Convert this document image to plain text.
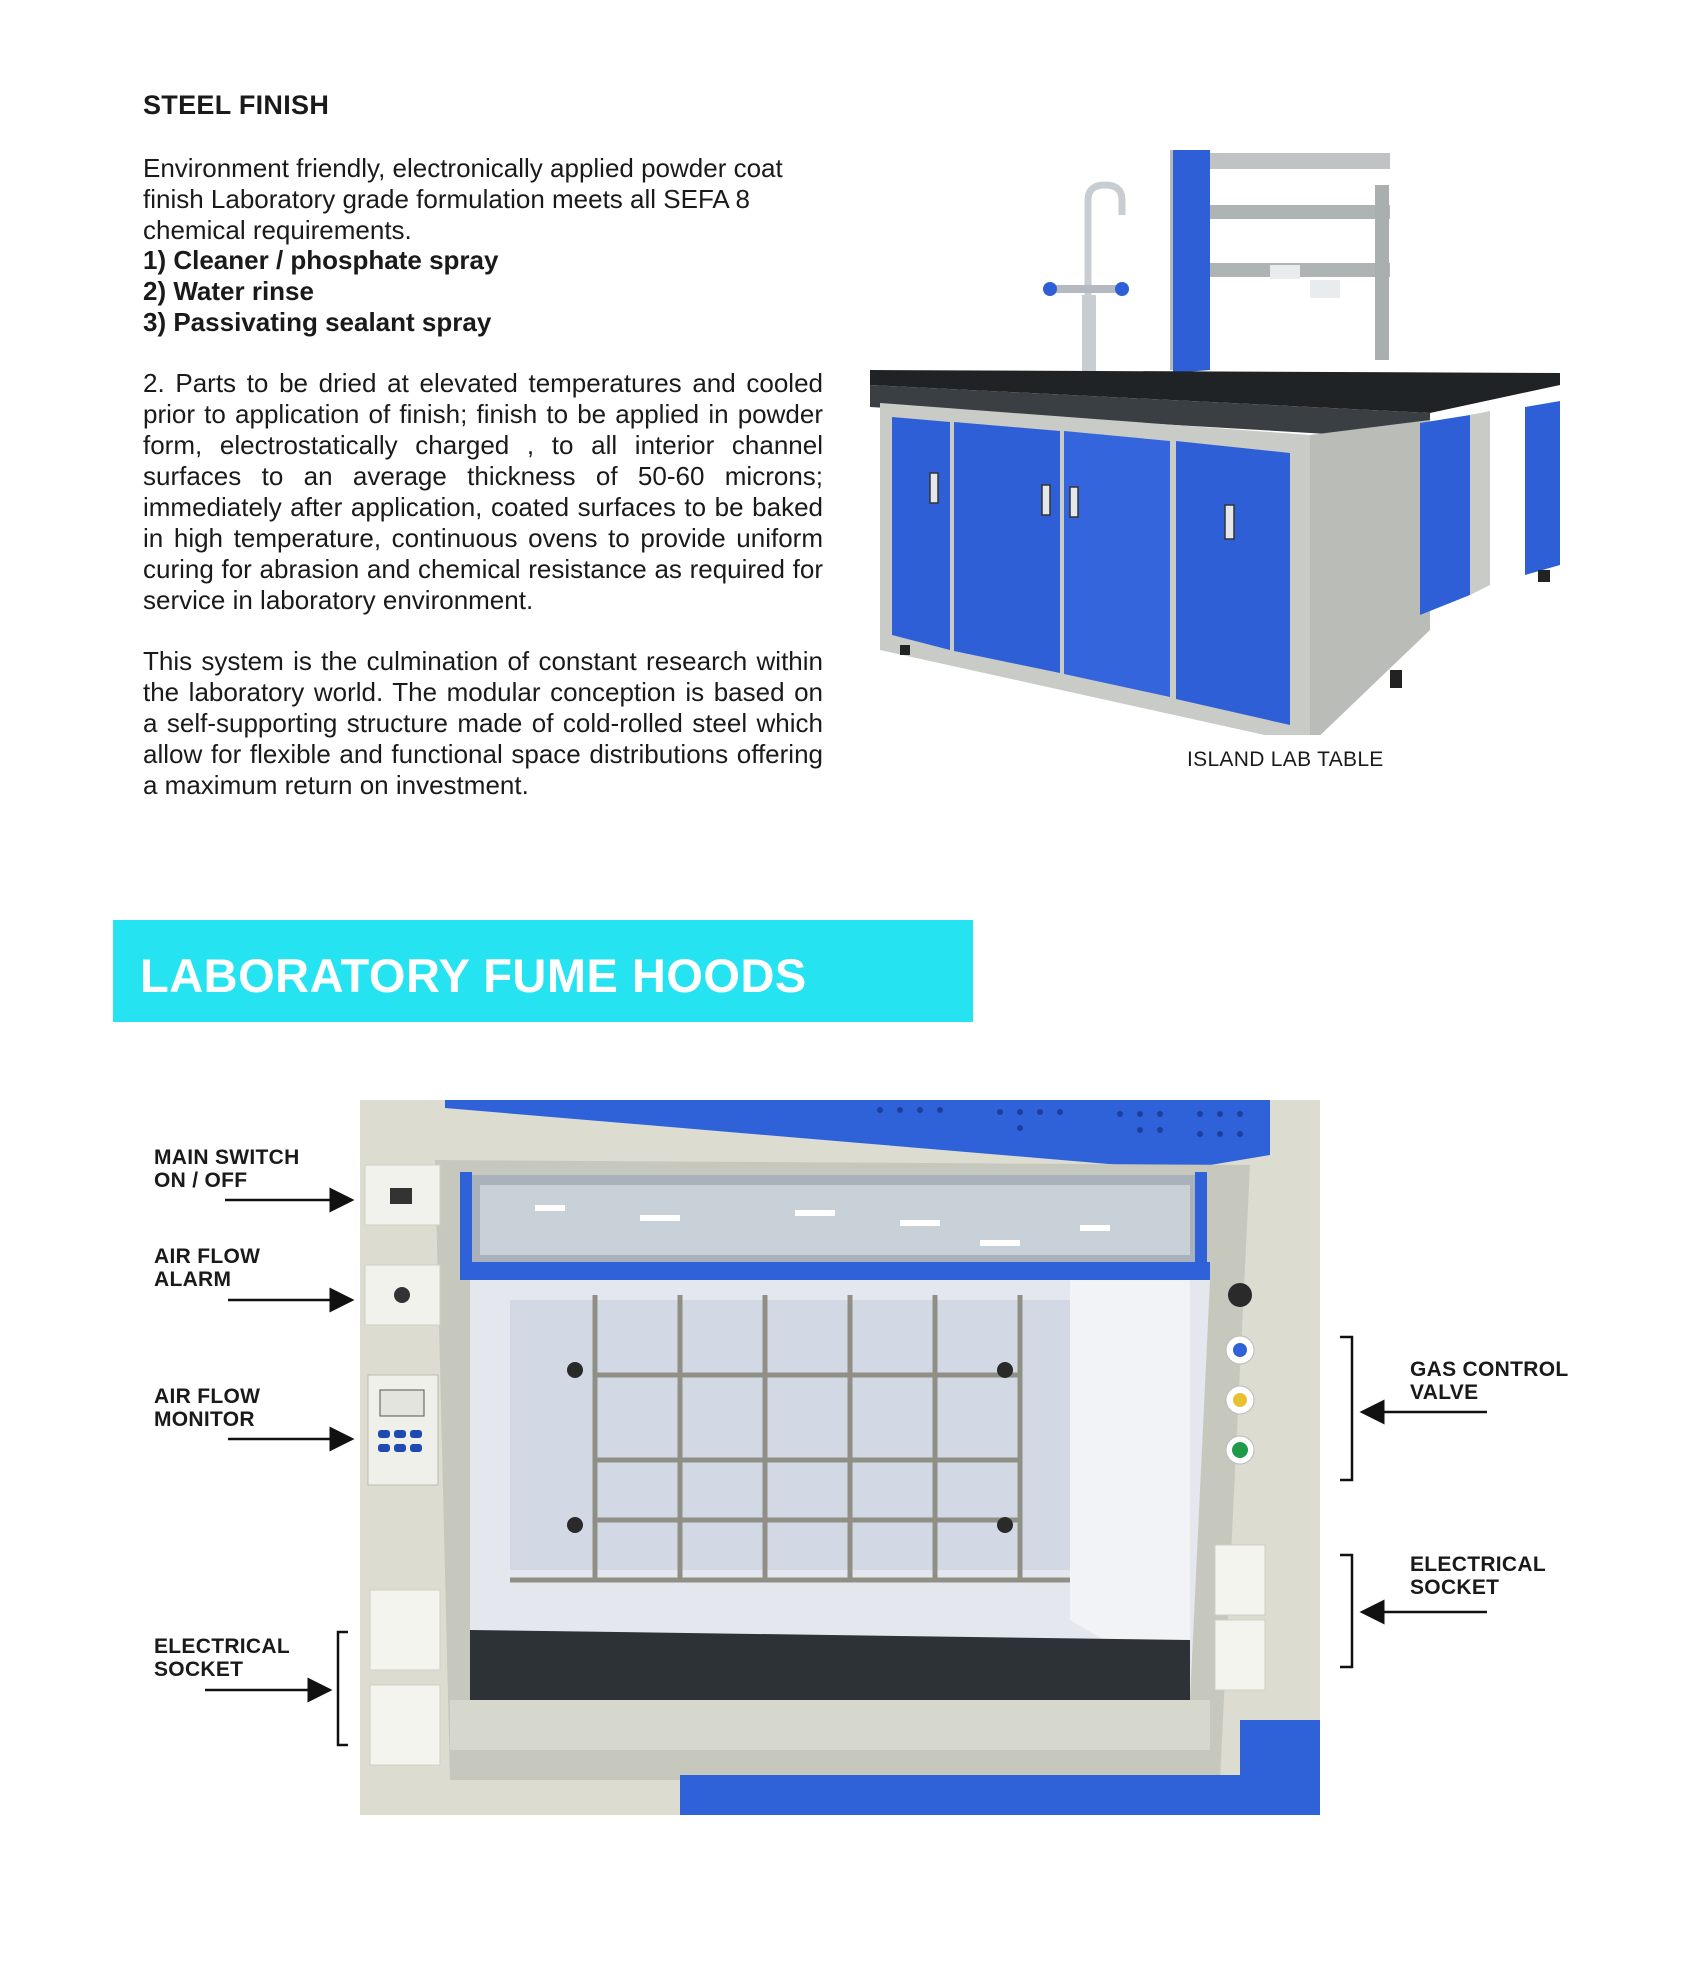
STEEL FINISH
Environment friendly, electronically applied powder coat finish Laboratory grade formulation meets all SEFA 8 chemical requirements.
1) Cleaner / phosphate spray
2) Water rinse
3) Passivating sealant spray
2. Parts to be dried at elevated temperatures and cooled prior to application of finish; finish to be applied in powder form, electrostatically charged , to all interior channel surfaces to an average thickness of 50-60 microns; immediately after application, coated surfaces to be baked in high temperature, continuous ovens to provide uniform curing for abrasion and chemical resistance as required for service in laboratory environment.
This system is the culmination of constant research within the laboratory world. The modular conception is based on a self-supporting structure made of cold-rolled steel which allow for flexible and functional space distributions offering a maximum return on investment.
ISLAND LAB TABLE
LABORATORY FUME HOODS
MAIN SWITCH
ON / OFF
AIR FLOW
ALARM
AIR FLOW
MONITOR
ELECTRICAL
SOCKET
GAS CONTROL
VALVE
ELECTRICAL
SOCKET
